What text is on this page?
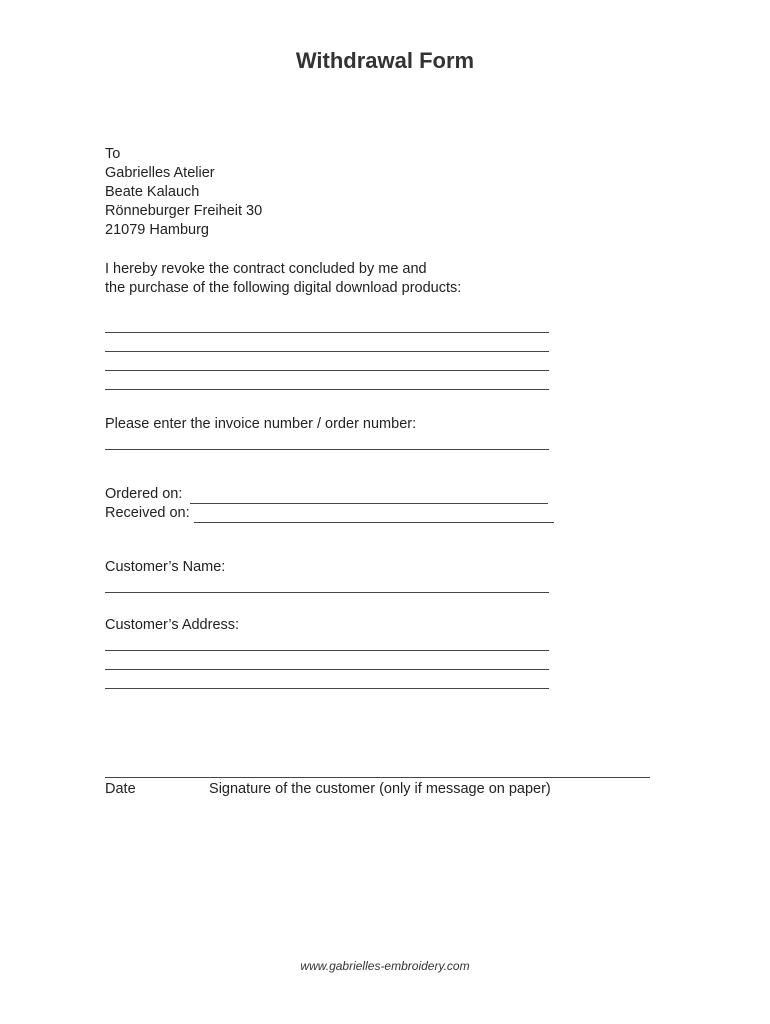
Withdrawal Form
To
Gabrielles Atelier
Beate Kalauch
Rönneburger Freiheit 30
21079 Hamburg
I hereby revoke the contract concluded by me and
the purchase of the following digital download products:
Please enter the invoice number / order number:
Ordered on:
Received on:
Customer’s Name:
Customer’s Address:
Date	Signature of the customer (only if message on paper)
www.gabrielles-embroidery.com
